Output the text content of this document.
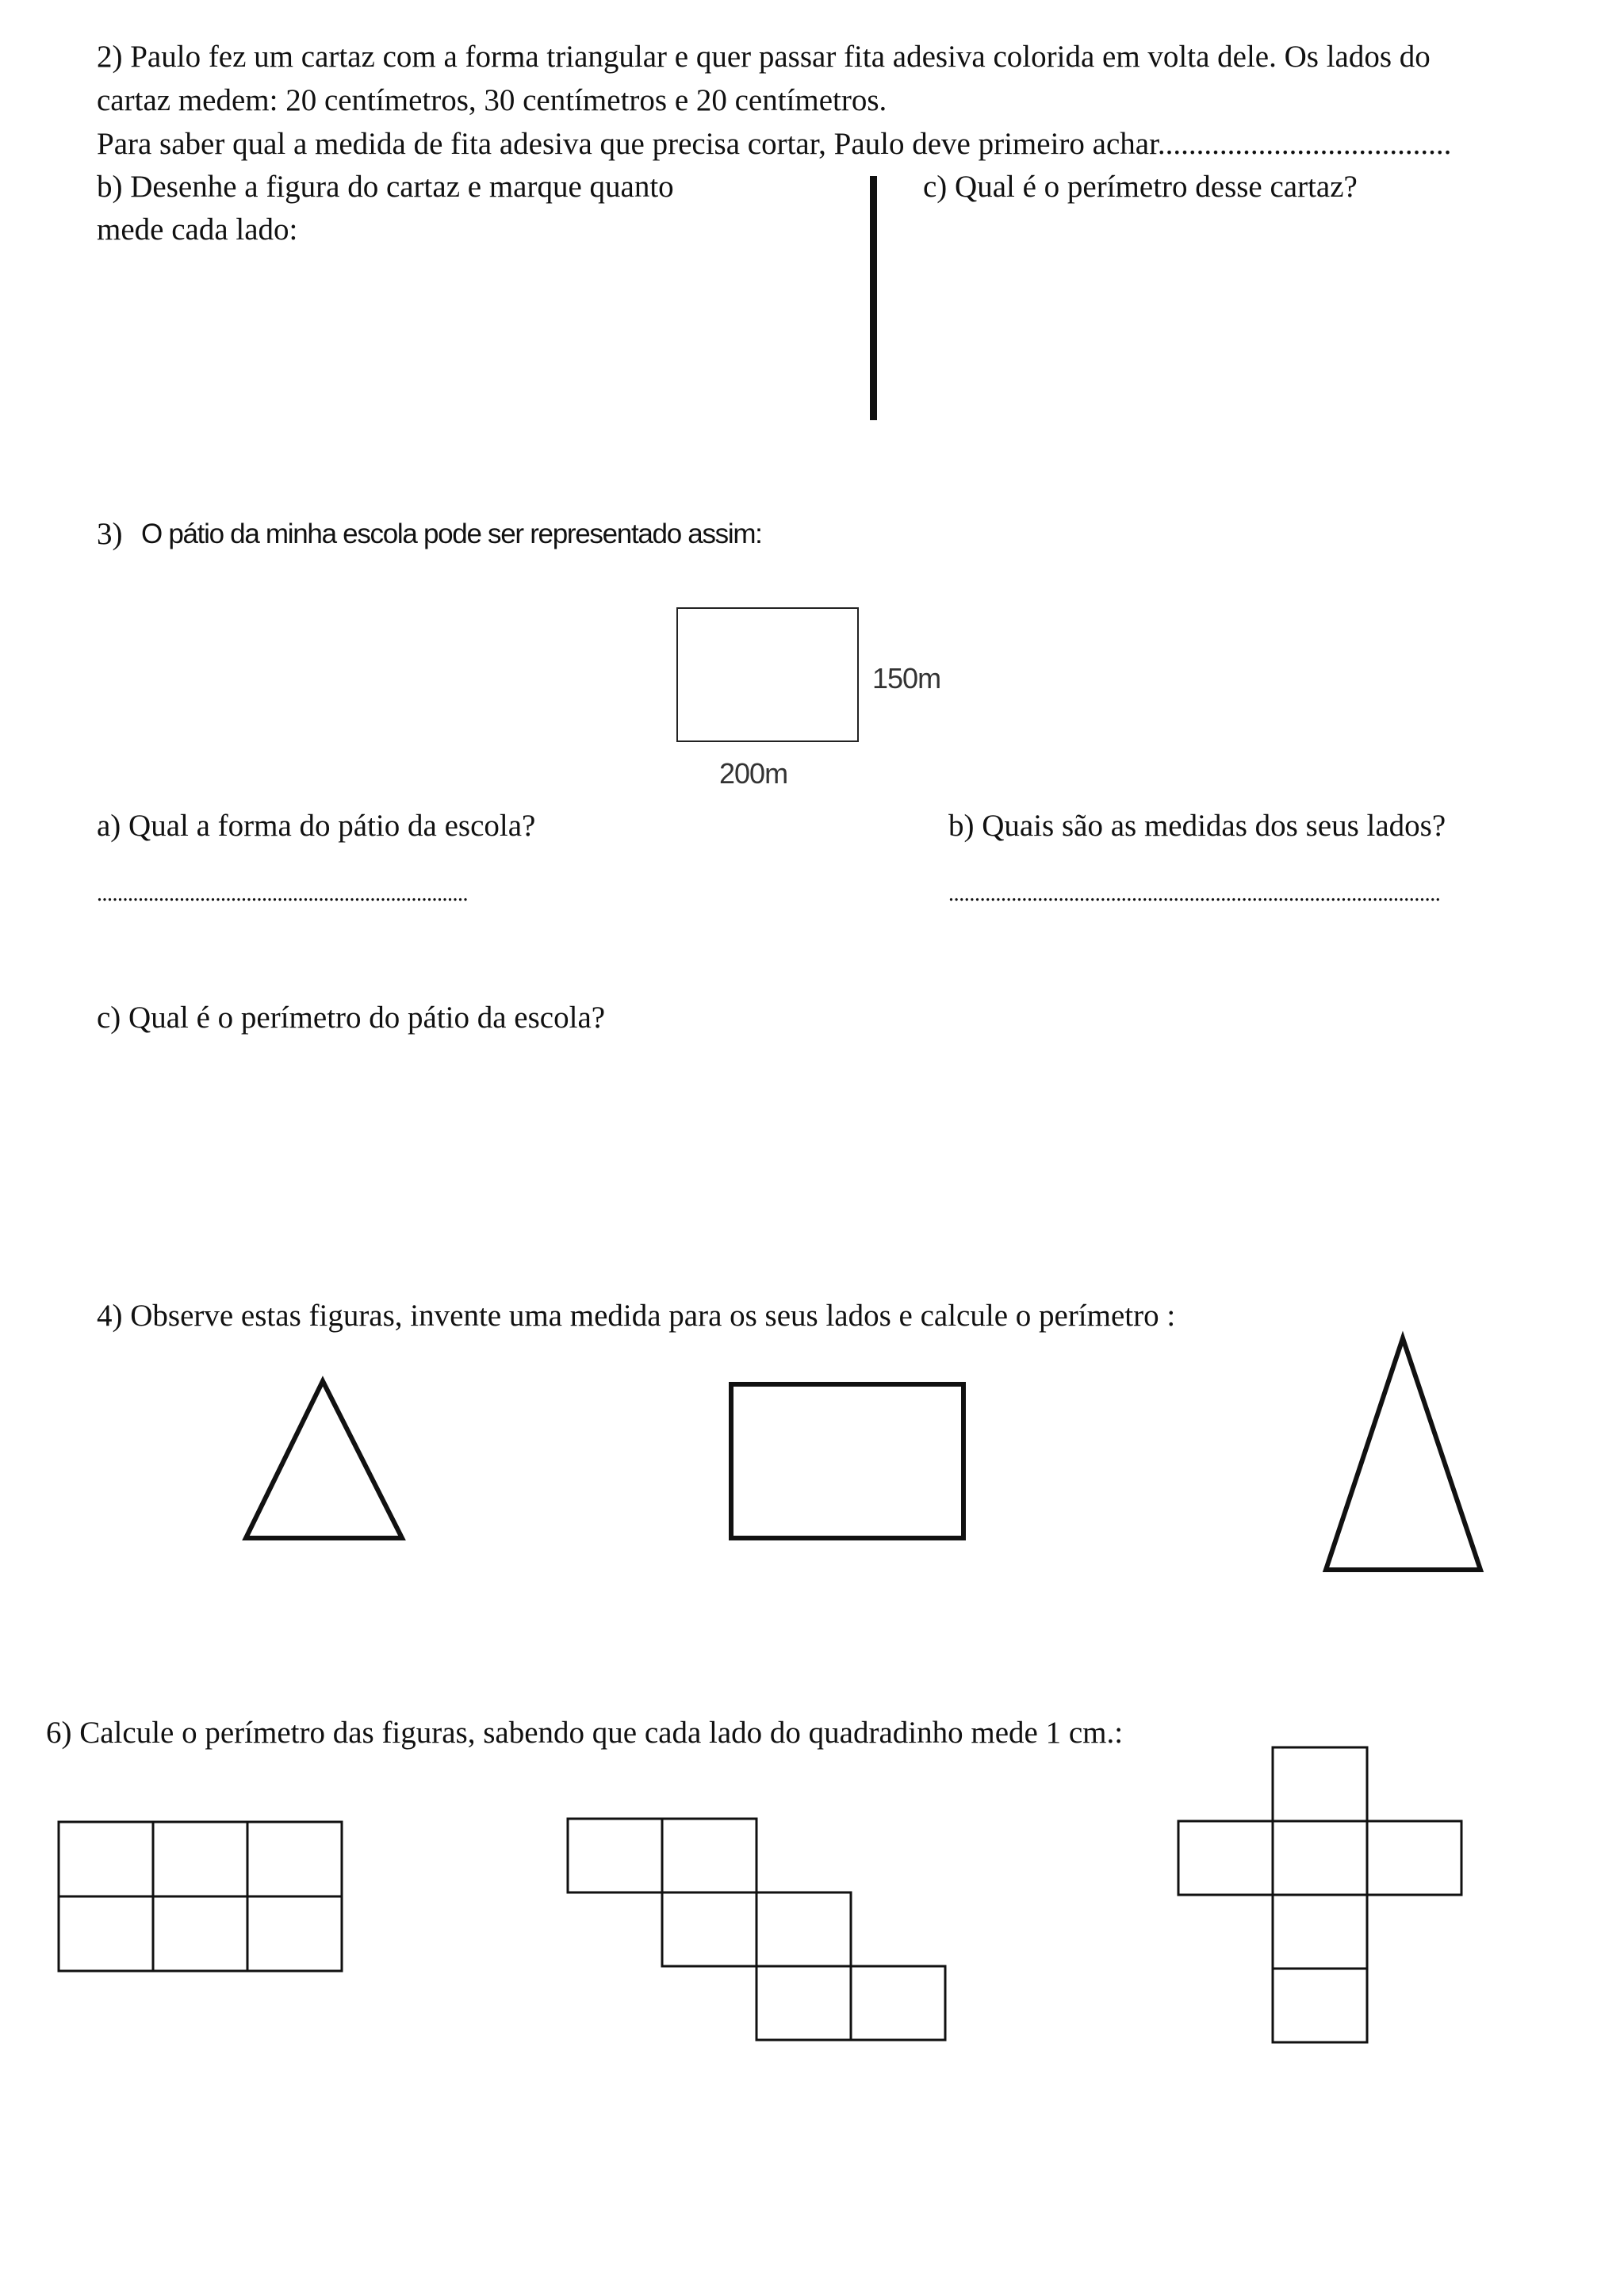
2) Paulo fez um cartaz com a forma triangular e quer passar fita adesiva colorida em volta dele. Os lados do
cartaz medem: 20 centímetros, 30 centímetros e 20 centímetros.
Para saber qual a medida de fita adesiva que precisa cortar, Paulo deve primeiro achar......................................
b) Desenhe a figura do cartaz e marque quanto
mede cada lado:
c) Qual é o perímetro desse cartaz?
3) O pátio da minha escola pode ser representado assim:
150m
200m
a) Qual a forma do pátio da escola?
........................................................................
b) Quais são as medidas dos seus lados?
..............................................................................................
c) Qual é o perímetro do pátio da escola?
4) Observe estas figuras, invente uma medida para os seus lados e calcule o perímetro :
6) Calcule o perímetro das figuras, sabendo que cada lado do quadradinho mede 1 cm.:
